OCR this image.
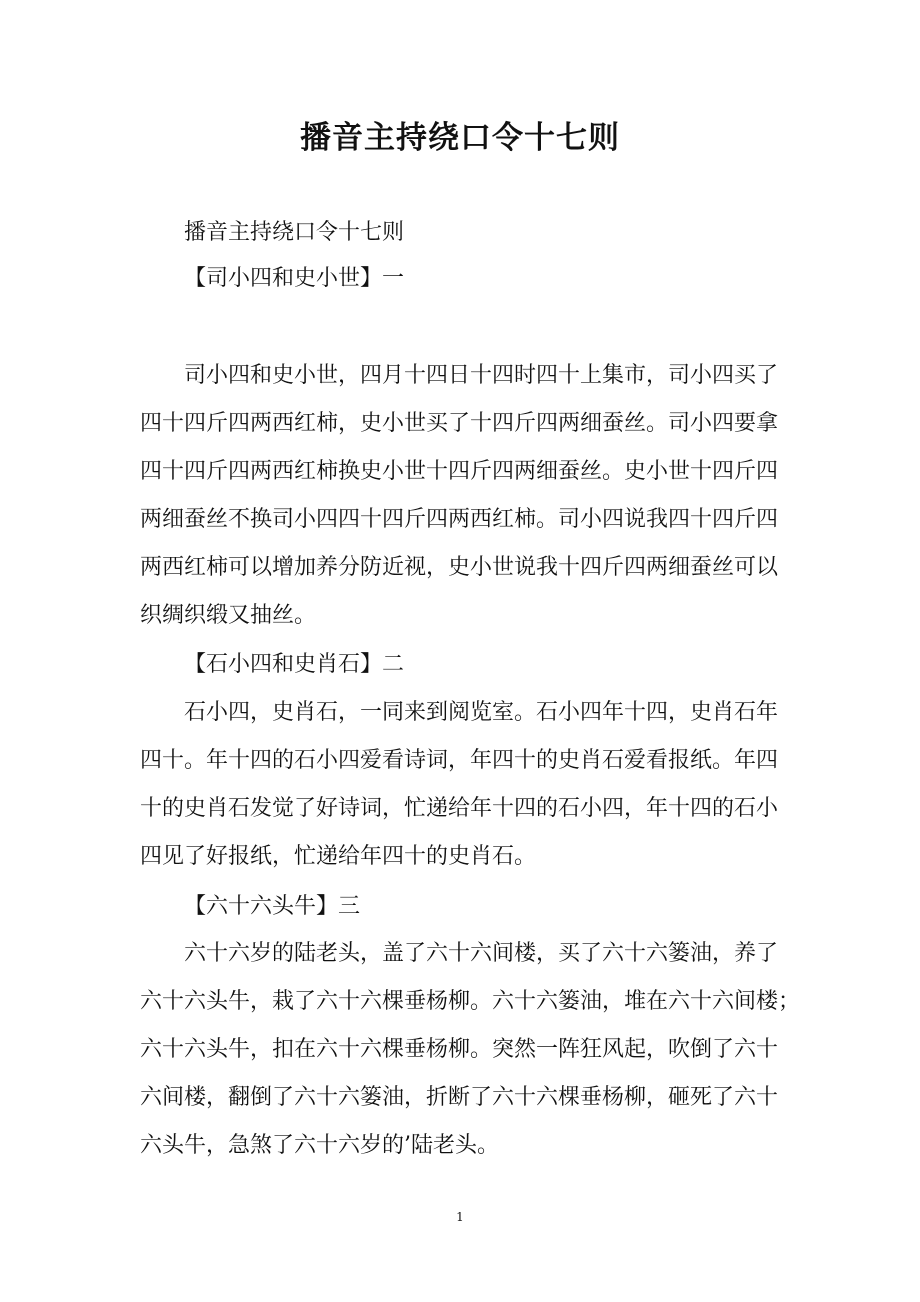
播音主持绕口令十七则
播音主持绕口令十七则
【司小四和史小世】一
司小四和史小世，四月十四日十四时四十上集市，司小四买了
四十四斤四两西红柿，史小世买了十四斤四两细蚕丝。司小四要拿
四十四斤四两西红柿换史小世十四斤四两细蚕丝。史小世十四斤四
两细蚕丝不换司小四四十四斤四两西红柿。司小四说我四十四斤四
两西红柿可以增加养分防近视，史小世说我十四斤四两细蚕丝可以
织绸织缎又抽丝。
【石小四和史肖石】二
石小四，史肖石，一同来到阅览室。石小四年十四，史肖石年
四十。年十四的石小四爱看诗词，年四十的史肖石爱看报纸。年四
十的史肖石发觉了好诗词，忙递给年十四的石小四，年十四的石小
四见了好报纸，忙递给年四十的史肖石。
【六十六头牛】三
六十六岁的陆老头，盖了六十六间楼，买了六十六篓油，养了
六十六头牛，栽了六十六棵垂杨柳。六十六篓油，堆在六十六间楼；
六十六头牛，扣在六十六棵垂杨柳。突然一阵狂风起，吹倒了六十
六间楼，翻倒了六十六篓油，折断了六十六棵垂杨柳，砸死了六十
六头牛，急煞了六十六岁的’陆老头。
1
